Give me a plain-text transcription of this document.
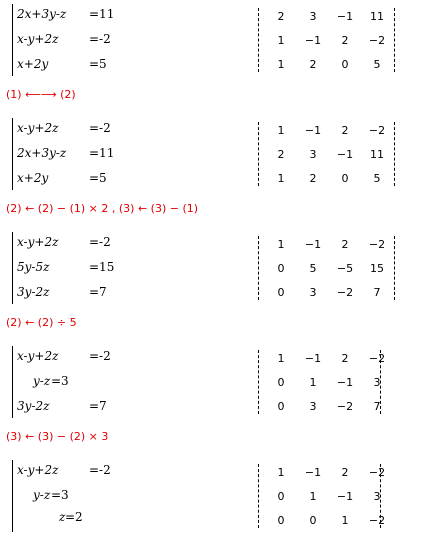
2x+3y-z =11
x-y+2z	=-2
x+2y	=5
2	3	−1	11
1	−1	2	−2
1	2	0	5
(1) ⟵⟶ (2)
x-y+2z	=-2
2x+3y-z =11
x+2y	=5
1	−1	2	−2
2	3	−1	11
1	2	0	5
(2) ← (2) − (1) × 2 , (3) ← (3) − (1)
x-y+2z	=-2
5y-5z	=15
3y-2z	=7
1	−1	2	−2
0	5	−5	15
0	3	−2	7
(2) ← (2) ÷ 5
x-y+2z	=-2
y-z =3
3y-2z	=7
1	−1	2	−2
0	1	−1	3
0	3	−2	7
(3) ← (3) − (2) × 3
x-y+2z	=-2
y-z =3
z =2
1	−1	2	−2
0	1	−1	3
0	0	1	−2
